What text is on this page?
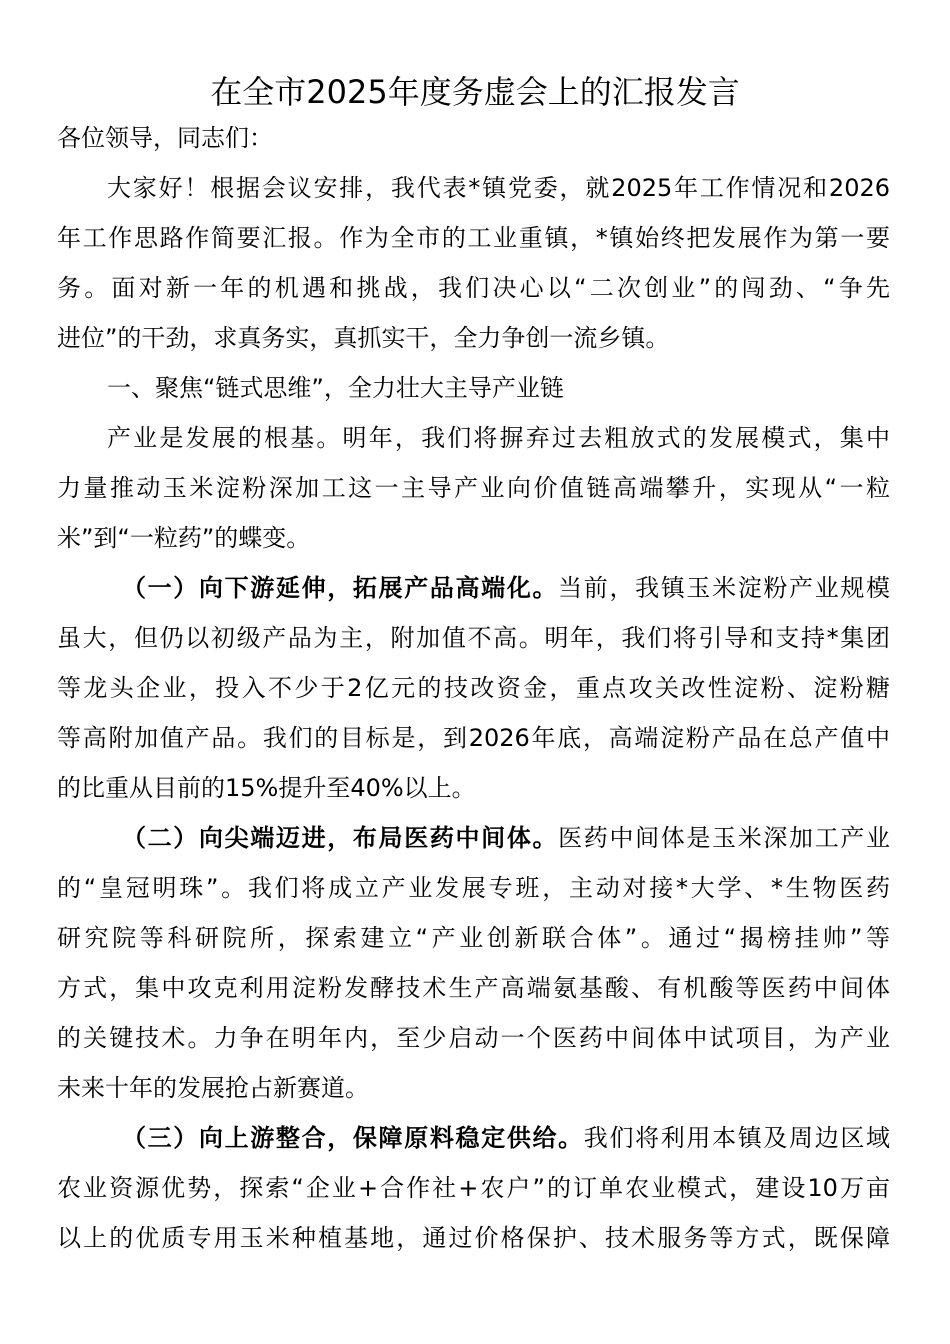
在全市2025年度务虚会上的汇报发言
各位领导，同志们：
大家好！根据会议安排，我代表*镇党委，就2025年工作情况和2026
年工作思路作简要汇报。作为全市的工业重镇，*镇始终把发展作为第一要
务。面对新一年的机遇和挑战，我们决心以“二次创业”的闯劲、“争先
进位”的干劲，求真务实，真抓实干，全力争创一流乡镇。
一、聚焦“链式思维”，全力壮大主导产业链
产业是发展的根基。明年，我们将摒弃过去粗放式的发展模式，集中
力量推动玉米淀粉深加工这一主导产业向价值链高端攀升，实现从“一粒
米”到“一粒药”的蝶变。
（一）向下游延伸，拓展产品高端化。当前，我镇玉米淀粉产业规模
虽大，但仍以初级产品为主，附加值不高。明年，我们将引导和支持*集团
等龙头企业，投入不少于2亿元的技改资金，重点攻关改性淀粉、淀粉糖
等高附加值产品。我们的目标是，到2026年底，高端淀粉产品在总产值中
的比重从目前的15%提升至40%以上。
（二）向尖端迈进，布局医药中间体。医药中间体是玉米深加工产业
的“皇冠明珠”。我们将成立产业发展专班，主动对接*大学、*生物医药
研究院等科研院所，探索建立“产业创新联合体”。通过“揭榜挂帅”等
方式，集中攻克利用淀粉发酵技术生产高端氨基酸、有机酸等医药中间体
的关键技术。力争在明年内，至少启动一个医药中间体中试项目，为产业
未来十年的发展抢占新赛道。
（三）向上游整合，保障原料稳定供给。我们将利用本镇及周边区域
农业资源优势，探索“企业+合作社+农户”的订单农业模式，建设10万亩
以上的优质专用玉米种植基地，通过价格保护、技术服务等方式，既保障
